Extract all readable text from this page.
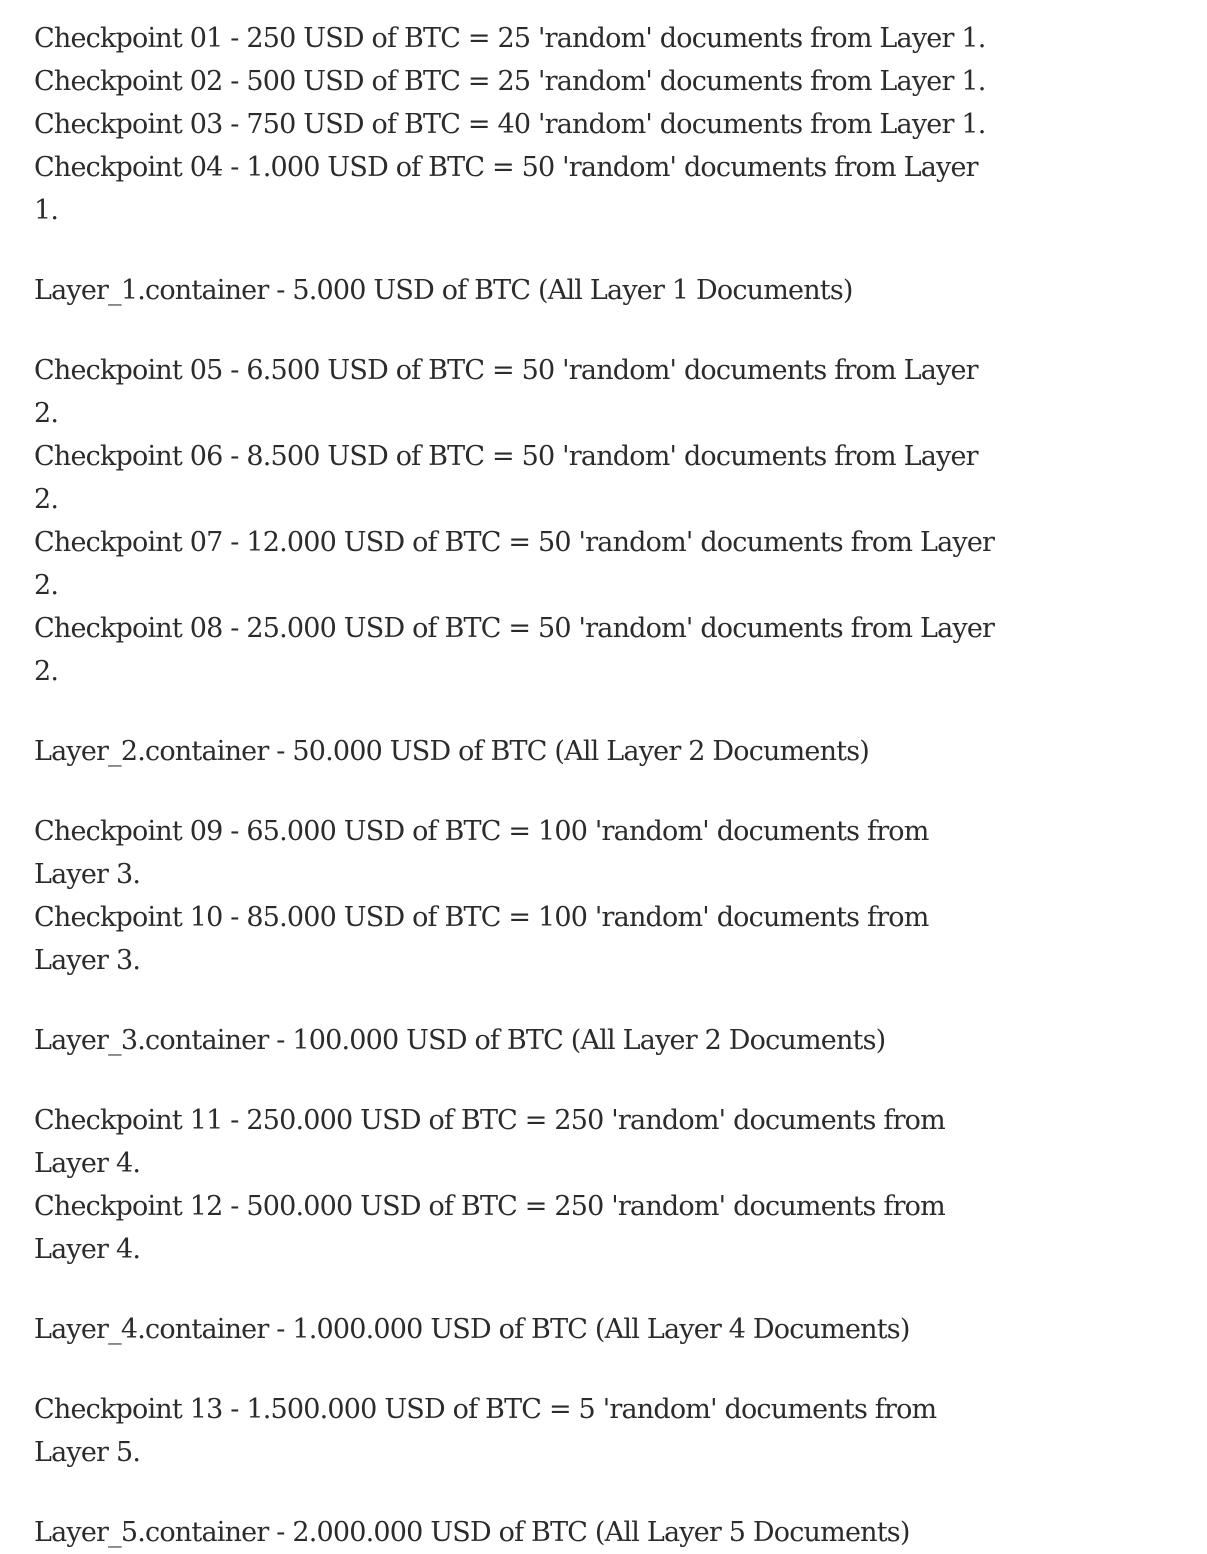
Checkpoint 01 - 250 USD of BTC = 25 'random' documents from Layer 1.

Checkpoint 02 - 500 USD of BTC = 25 'random' documents from Layer 1.

Checkpoint 03 - 750 USD of BTC = 40 'random' documents from Layer 1.

Checkpoint 04 - 1.000 USD of BTC = 50 'random' documents from Layer 1.

Layer_1.container - 5.000 USD of BTC (All Layer 1 Documents)

Checkpoint 05 - 6.500 USD of BTC = 50 'random' documents from Layer 2.

Checkpoint 06 - 8.500 USD of BTC = 50 'random' documents from Layer 2.

Checkpoint 07 - 12.000 USD of BTC = 50 'random' documents from Layer 2.

Checkpoint 08 - 25.000 USD of BTC = 50 'random' documents from Layer 2.

Layer_2.container - 50.000 USD of BTC (All Layer 2 Documents)

Checkpoint 09 - 65.000 USD of BTC = 100 'random' documents from Layer 3.

Checkpoint 10 - 85.000 USD of BTC = 100 'random' documents from Layer 3.

Layer_3.container - 100.000 USD of BTC (All Layer 2 Documents)

Checkpoint 11 - 250.000 USD of BTC = 250 'random' documents from Layer 4.

Checkpoint 12 - 500.000 USD of BTC = 250 'random' documents from Layer 4.

Layer_4.container - 1.000.000 USD of BTC (All Layer 4 Documents)

Checkpoint 13 - 1.500.000 USD of BTC = 5 'random' documents from Layer 5.

Layer_5.container - 2.000.000 USD of BTC (All Layer 5 Documents)
